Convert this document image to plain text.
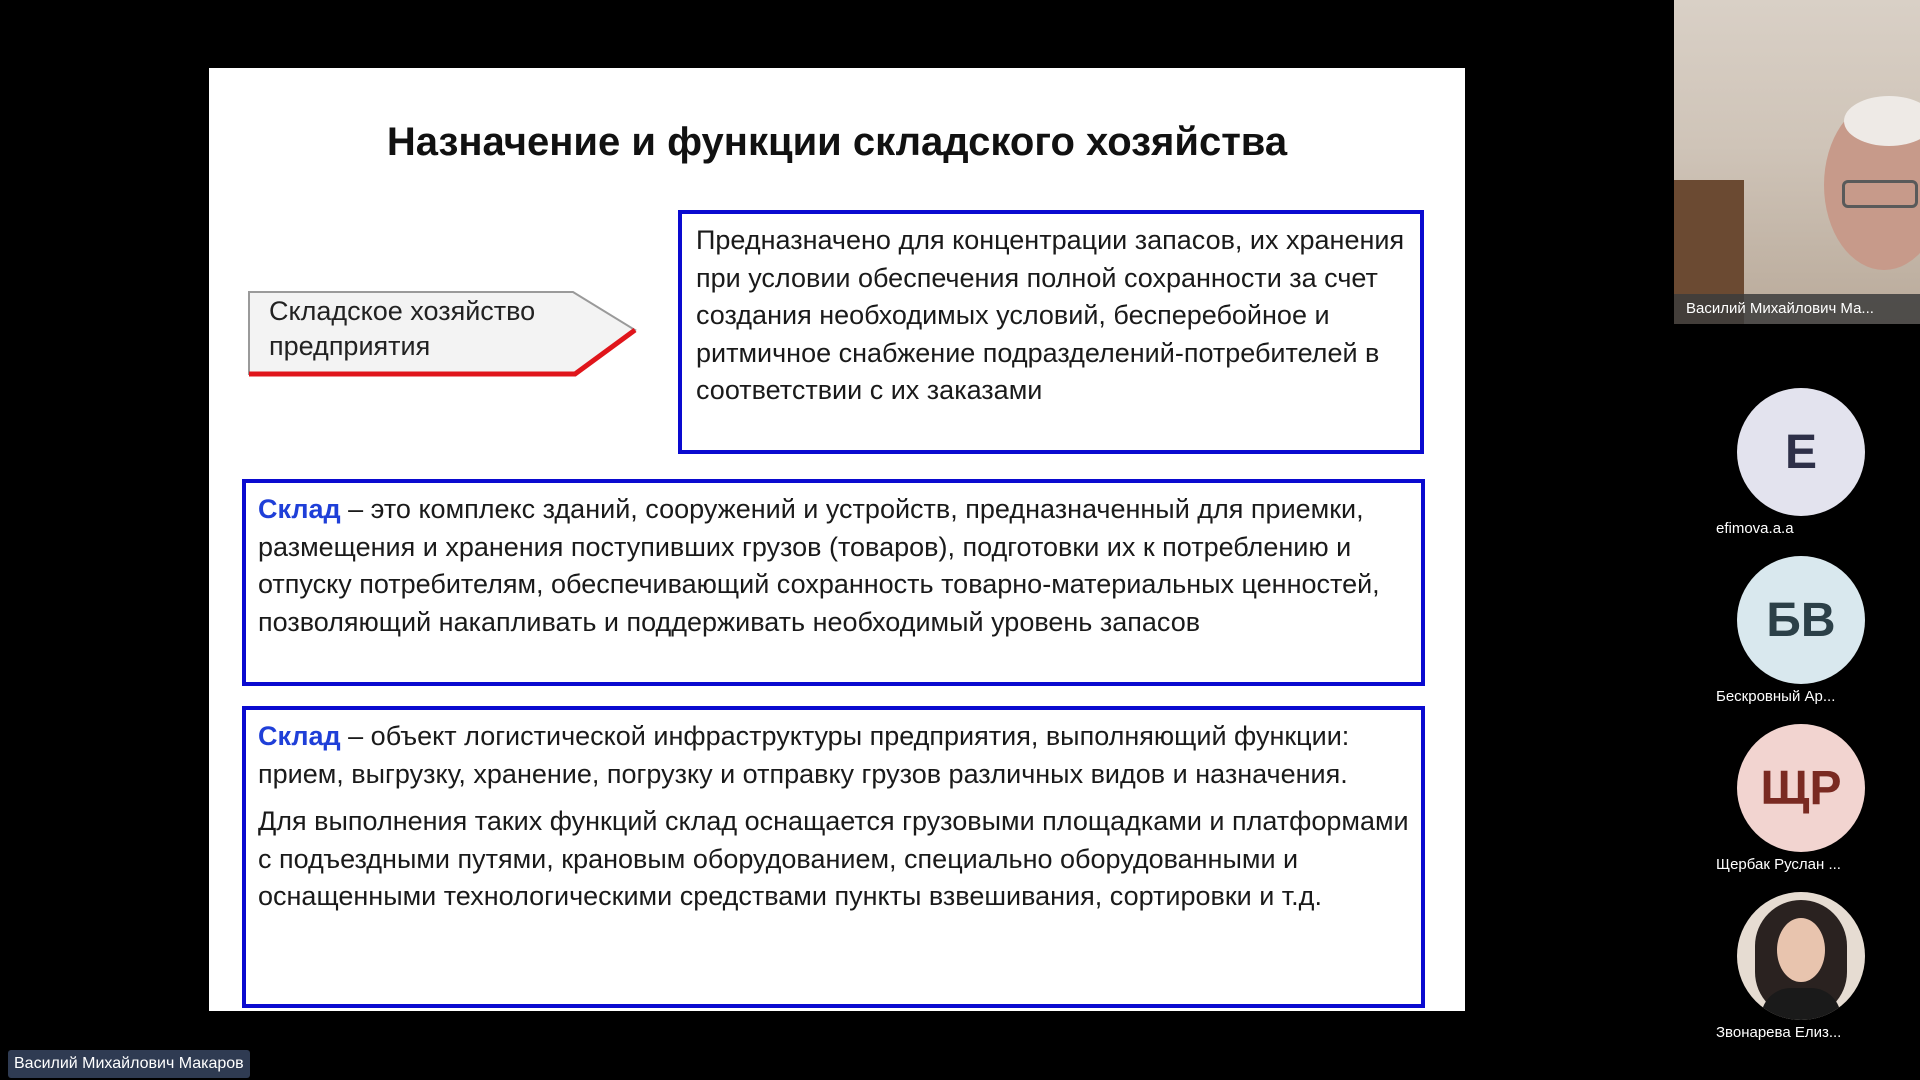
Назначение и функции складского хозяйства
Складское хозяйство предприятия
Предназначено для концентрации запасов, их хранения при условии обеспечения полной сохранности за счет создания необходимых условий, бесперебойное и ритмичное снабжение подразделений-потребителей в соответствии с их заказами
Склад – это комплекс зданий, сооружений и устройств, предназначенный для приемки, размещения и хранения поступивших грузов (товаров), подготовки их к потреблению и отпуску потребителям, обеспечивающий сохранность товарно-материальных ценностей, позволяющий накапливать и поддерживать необходимый уровень запасов
Склад – объект логистической инфраструктуры предприятия, выполняющий функции: прием, выгрузку, хранение, погрузку и отправку грузов различных видов и назначения.
Для выполнения таких функций склад оснащается грузовыми площадками и платформами с подъездными путями, крановым оборудованием, специально оборудованными и оснащенными технологическими средствами пункты взвешивания, сортировки и т.д.
Василий Михайлович Ма...
Е
efimova.a.a
БВ
Бескровный Ар...
ЩР
Щербак Руслан ...
Звонарева Елиз...
Василий Михайлович Макаров
